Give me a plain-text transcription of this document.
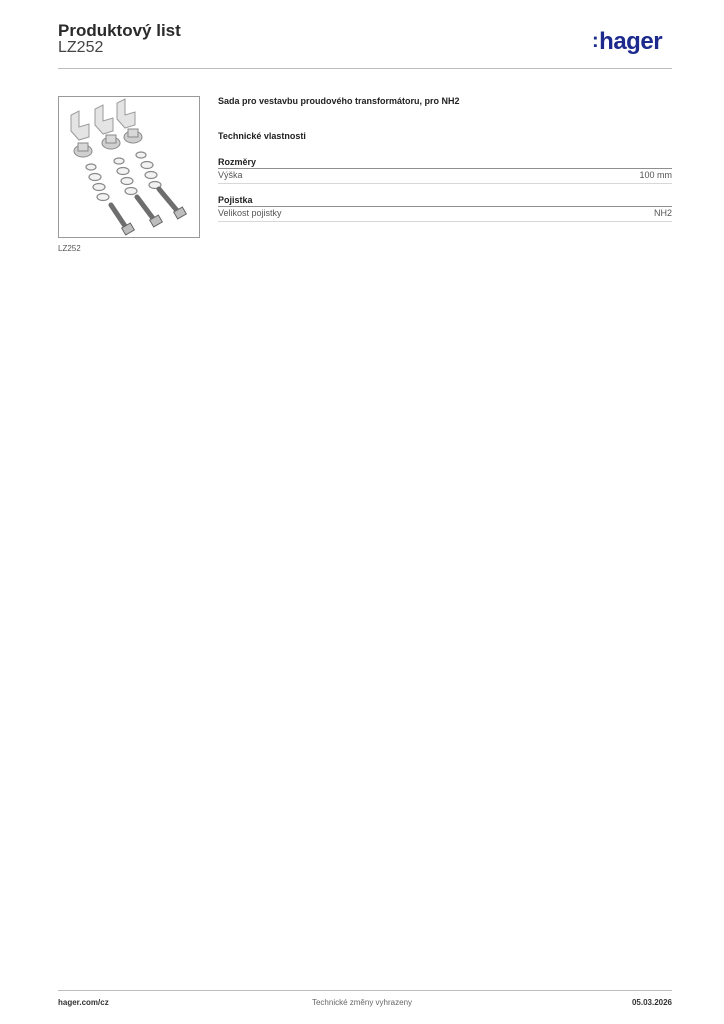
Produktový list
LZ252	:hager
LZ252
Sada pro vestavbu proudového transformátoru, pro NH2
Technické vlastnosti
Rozměry
Výška	100 mm
Pojistka
Velikost pojistky	NH2
hager.com/cz	Technické změny vyhrazeny	05.03.2026
